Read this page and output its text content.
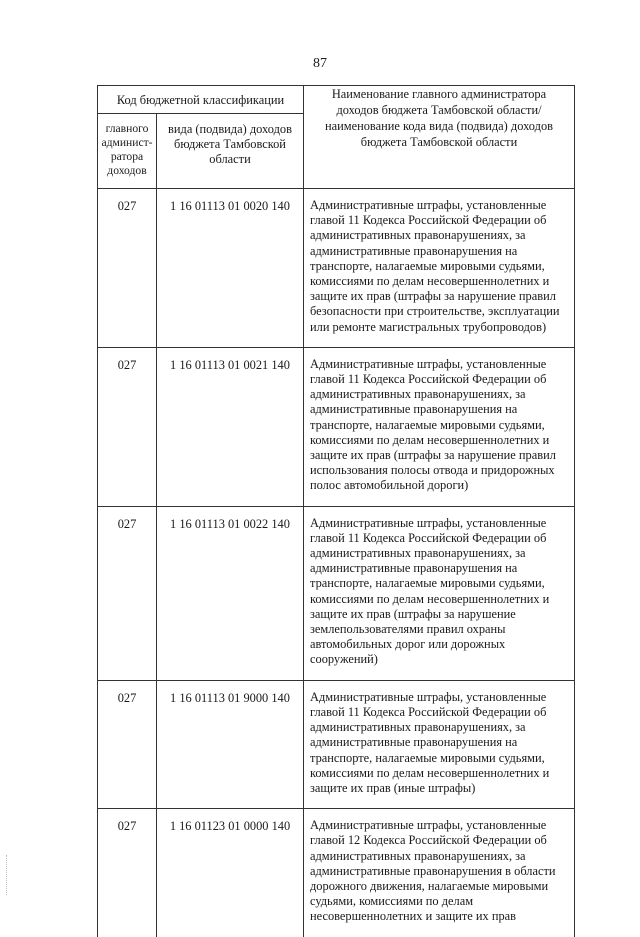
87
Код бюджетной классификации		Наименование главного администратора доходов бюджета Тамбовской области/наименование кода вида (подвида) доходов бюджета Тамбовской области
главного админист-ратора доходов	вида (подвида) доходов бюджета Тамбовской области	
027	1 16 01113 01 0020 140	Административные штрафы, установленные главой 11 Кодекса Российской Федерации об административных правонарушениях, за административные правонарушения на транспорте, налагаемые мировыми судьями, комиссиями по делам несовершеннолетних и защите их прав (штрафы за нарушение правил безопасности при строительстве, эксплуатации или ремонте магистральных трубопроводов)
027	1 16 01113 01 0021 140	Административные штрафы, установленные главой 11 Кодекса Российской Федерации об административных правонарушениях, за административные правонарушения на транспорте, налагаемые мировыми судьями, комиссиями по делам несовершеннолетних и защите их прав (штрафы за нарушение правил использования полосы отвода и придорожных полос автомобильной дороги)
027	1 16 01113 01 0022 140	Административные штрафы, установленные главой 11 Кодекса Российской Федерации об административных правонарушениях, за административные правонарушения на транспорте, налагаемые мировыми судьями, комиссиями по делам несовершеннолетних и защите их прав (штрафы за нарушение землепользователями правил охраны автомобильных дорог или дорожных сооружений)
027	1 16 01113 01 9000 140	Административные штрафы, установленные главой 11 Кодекса Российской Федерации об административных правонарушениях, за административные правонарушения на транспорте, налагаемые мировыми судьями, комиссиями по делам несовершеннолетних и защите их прав (иные штрафы)
027	1 16 01123 01 0000 140	Административные штрафы, установленные главой 12 Кодекса Российской Федерации об административных правонарушениях, за административные правонарушения в области дорожного движения, налагаемые мировыми судьями, комиссиями по делам несовершеннолетних и защите их прав
